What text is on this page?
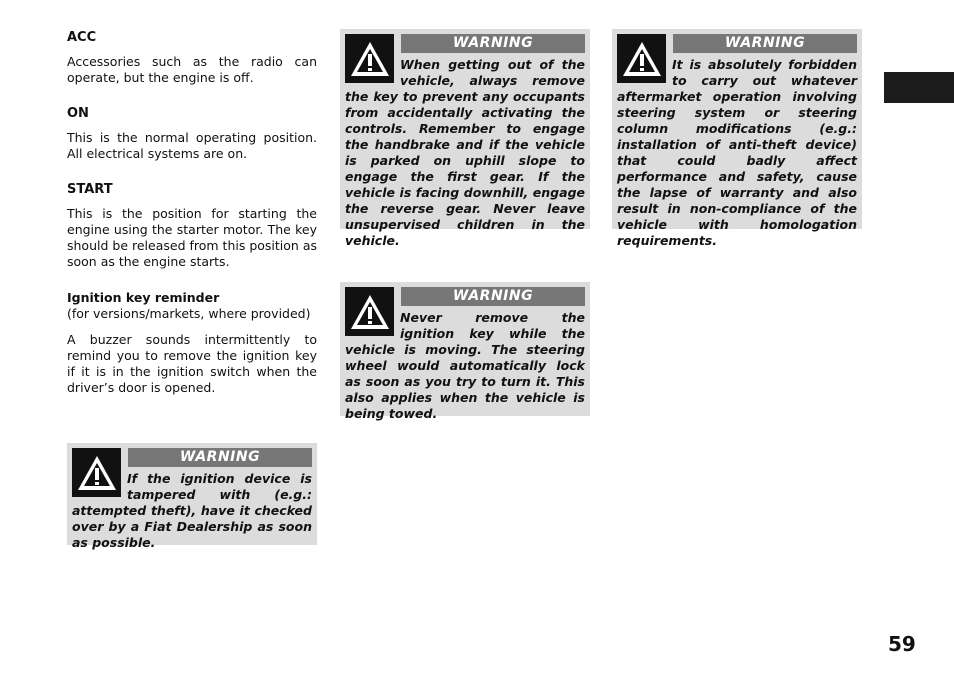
ACC

Accessories such as the radio can operate, but the engine is off.

ON

This is the normal operating position. All electrical systems are on.

START

This is the position for starting the engine using the starter motor. The key should be released from this position as soon as the engine starts.

Ignition key reminder

(for versions/markets, where provided)

A buzzer sounds intermittently to remind you to remove the ignition key if it is in the ignition switch when the driver’s door is opened.

WARNING

If the ignition device is tampered with (e.g.: attempted theft), have it checked over by a Fiat Dealership as soon as possible.

WARNING

When getting out of the vehicle, always remove the key to prevent any occupants from accidentally activating the controls. Remember to engage the handbrake and if the vehicle is parked on uphill slope to engage the first gear. If the vehicle is facing downhill, engage the reverse gear. Never leave unsupervised children in the vehicle.

WARNING

Never remove the ignition key while the vehicle is moving. The steering wheel would automatically lock as soon as you try to turn it. This also applies when the vehicle is being towed.

WARNING

It is absolutely forbidden to carry out whatever aftermarket operation involving steering system or steering column modifications (e.g.: installation of anti-theft device) that could badly affect performance and safety, cause the lapse of warranty and also result in non-compliance of the vehicle with homologation requirements.

59
